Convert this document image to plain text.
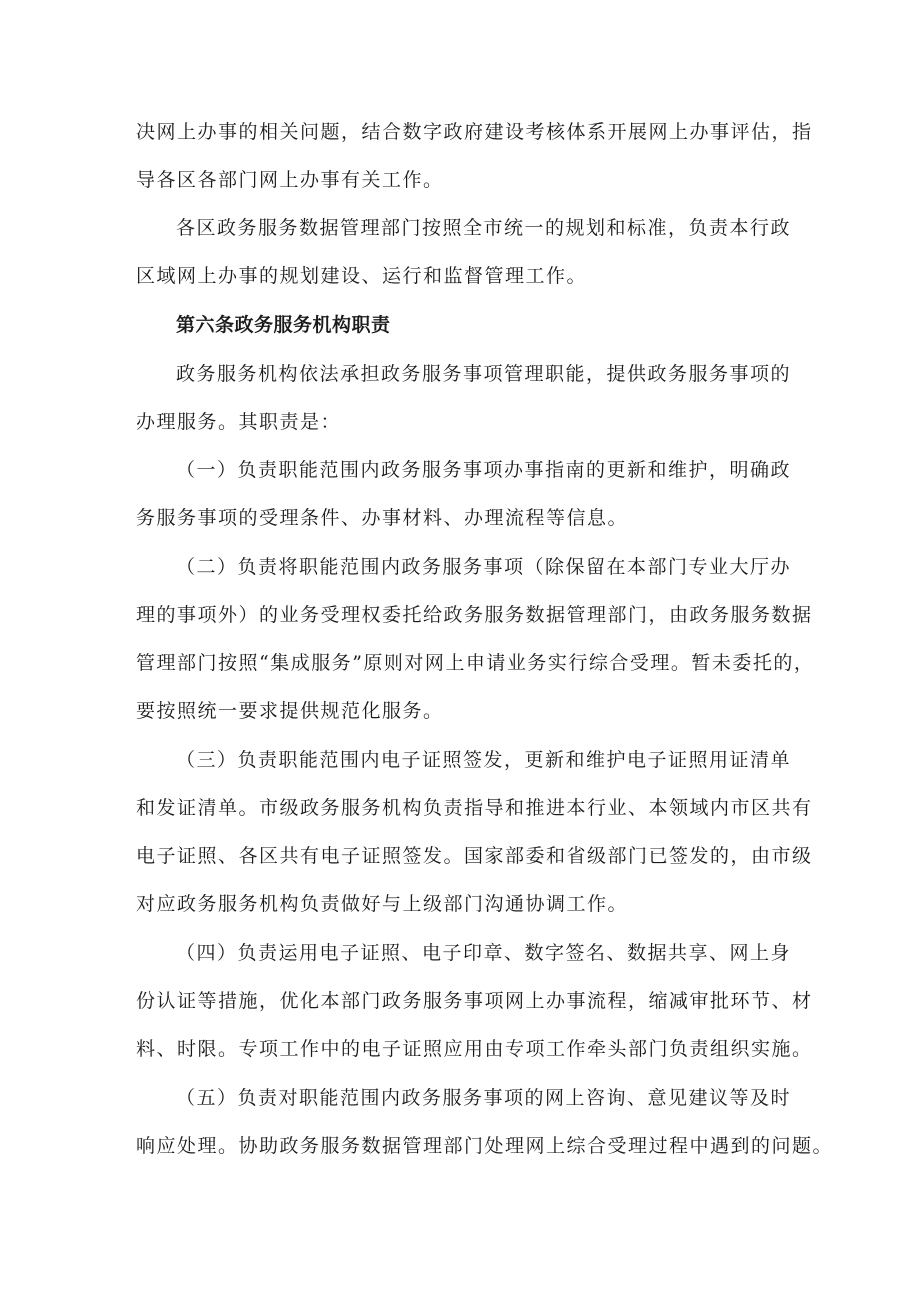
决网上办事的相关问题，结合数字政府建设考核体系开展网上办事评估，指
导各区各部门网上办事有关工作。
各区政务服务数据管理部门按照全市统一的规划和标准，负责本行政
区域网上办事的规划建设、运行和监督管理工作。
第六条政务服务机构职责
政务服务机构依法承担政务服务事项管理职能，提供政务服务事项的
办理服务。其职责是：
（一）负责职能范围内政务服务事项办事指南的更新和维护，明确政
务服务事项的受理条件、办事材料、办理流程等信息。
（二）负责将职能范围内政务服务事项（除保留在本部门专业大厅办
理的事项外）的业务受理权委托给政务服务数据管理部门，由政务服务数据
管理部门按照“集成服务”原则对网上申请业务实行综合受理。暂未委托的，
要按照统一要求提供规范化服务。
（三）负责职能范围内电子证照签发，更新和维护电子证照用证清单
和发证清单。市级政务服务机构负责指导和推进本行业、本领域内市区共有
电子证照、各区共有电子证照签发。国家部委和省级部门已签发的，由市级
对应政务服务机构负责做好与上级部门沟通协调工作。
（四）负责运用电子证照、电子印章、数字签名、数据共享、网上身
份认证等措施，优化本部门政务服务事项网上办事流程，缩减审批环节、材
料、时限。专项工作中的电子证照应用由专项工作牵头部门负责组织实施。
（五）负责对职能范围内政务服务事项的网上咨询、意见建议等及时
响应处理。协助政务服务数据管理部门处理网上综合受理过程中遇到的问题。
